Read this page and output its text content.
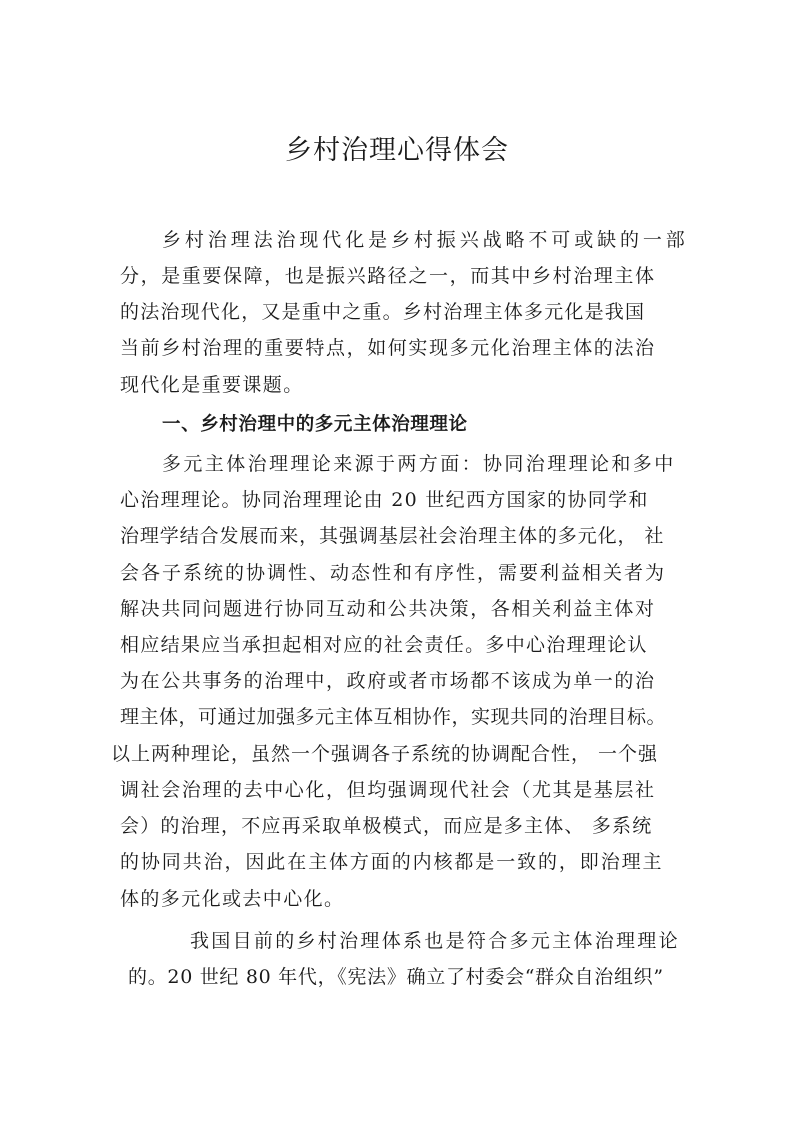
乡村治理心得体会
乡村治理法治现代化是乡村振兴战略不可或缺的一部
分，是重要保障，也是振兴路径之一，而其中乡村治理主体
的法治现代化，又是重中之重。乡村治理主体多元化是我国
当前乡村治理的重要特点，如何实现多元化治理主体的法治
现代化是重要课题。
一、乡村治理中的多元主体治理理论
多元主体治理理论来源于两方面：协同治理理论和多中
心治理理论。协同治理理论由 20 世纪西方国家的协同学和
治理学结合发展而来，其强调基层社会治理主体的多元化， 社
会各子系统的协调性、动态性和有序性，需要利益相关者为
解决共同问题进行协同互动和公共决策，各相关利益主体对
相应结果应当承担起相对应的社会责任。多中心治理理论认
为在公共事务的治理中，政府或者市场都不该成为单一的治
理主体，可通过加强多元主体互相协作，实现共同的治理目标。
以上两种理论，虽然一个强调各子系统的协调配合性， 一个强
调社会治理的去中心化，但均强调现代社会（尤其是基层社
会）的治理，不应再采取单极模式，而应是多主体、 多系统
的协同共治，因此在主体方面的内核都是一致的，即治理主
体的多元化或去中心化。
我国目前的乡村治理体系也是符合多元主体治理理论
的。20 世纪 80 年代，《宪法》确立了村委会“群众自治组织”
